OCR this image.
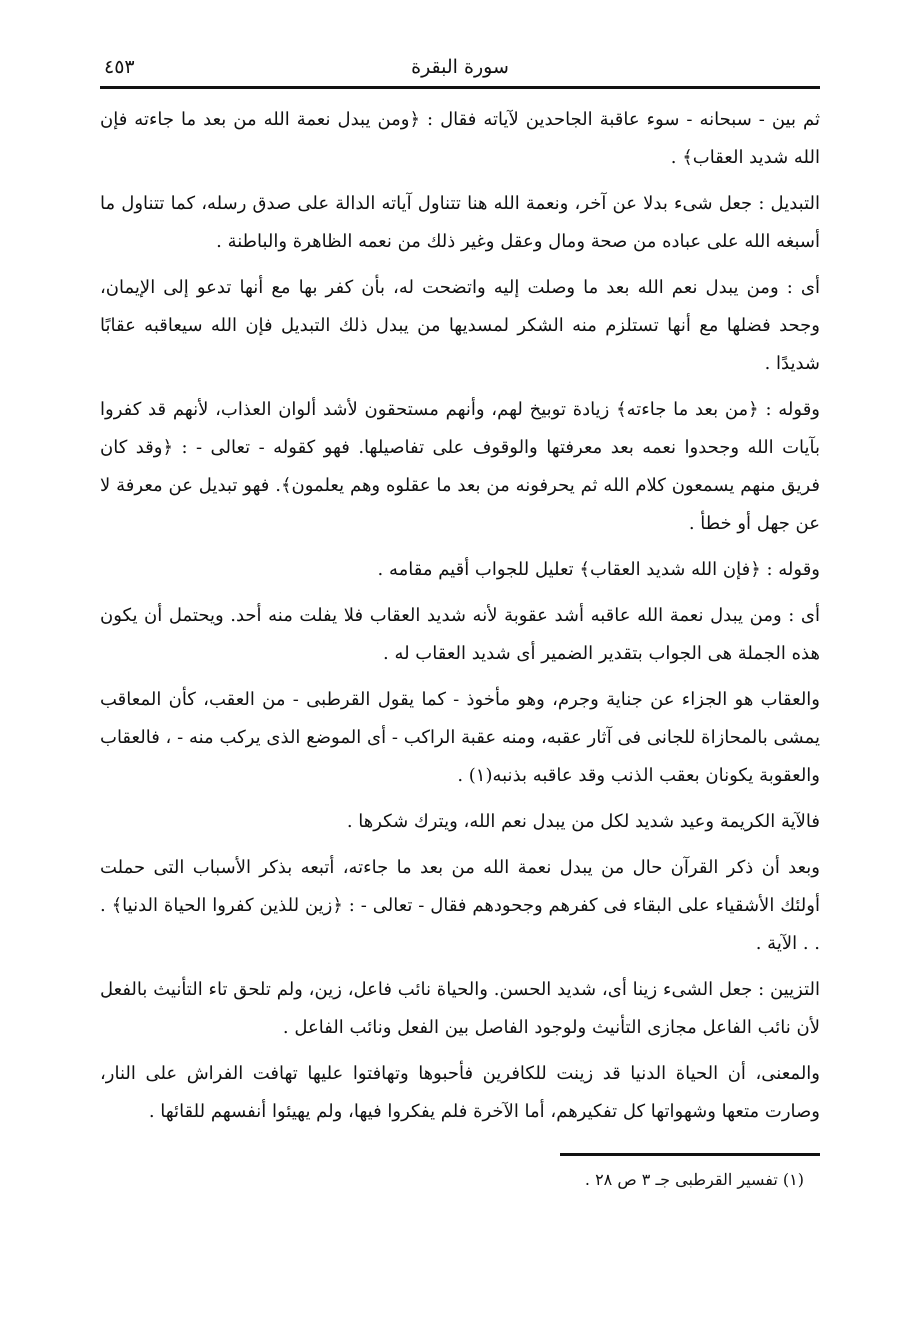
سورة البقرة
٤٥٣

ثم بين - سبحانه - سوء عاقبة الجاحدين لآياته فقال : ﴿ومن يبدل نعمة الله من بعد ما جاءته فإن الله شديد العقاب﴾ .

التبديل : جعل شىء بدلا عن آخر، ونعمة الله هنا تتناول آياته الدالة على صدق رسله، كما تتناول ما أسبغه الله على عباده من صحة ومال وعقل وغير ذلك من نعمه الظاهرة والباطنة .

أى : ومن يبدل نعم الله بعد ما وصلت إليه واتضحت له، بأن كفر بها مع أنها تدعو إلى الإيمان، وجحد فضلها مع أنها تستلزم منه الشكر لمسديها من يبدل ذلك التبديل فإن الله سيعاقبه عقابًا شديدًا .

وقوله : ﴿من بعد ما جاءته﴾ زيادة توبيخ لهم، وأنهم مستحقون لأشد ألوان العذاب، لأنهم قد كفروا بآيات الله وجحدوا نعمه بعد معرفتها والوقوف على تفاصيلها. فهو كقوله - تعالى - : ﴿وقد كان فريق منهم يسمعون كلام الله ثم يحرفونه من بعد ما عقلوه وهم يعلمون﴾. فهو تبديل عن معرفة لا عن جهل أو خطأ .

وقوله : ﴿فإن الله شديد العقاب﴾ تعليل للجواب أقيم مقامه .

أى : ومن يبدل نعمة الله عاقبه أشد عقوبة لأنه شديد العقاب فلا يفلت منه أحد. ويحتمل أن يكون هذه الجملة هى الجواب بتقدير الضمير أى شديد العقاب له .

والعقاب هو الجزاء عن جناية وجرم، وهو مأخوذ - كما يقول القرطبى - من العقب، كأن المعاقب يمشى بالمحازاة للجانى فى آثار عقبه، ومنه عقبة الراكب - أى الموضع الذى يركب منه - ، فالعقاب والعقوبة يكونان بعقب الذنب وقد عاقبه بذنبه(١) .

فالآية الكريمة وعيد شديد لكل من يبدل نعم الله، ويترك شكرها .

وبعد أن ذكر القرآن حال من يبدل نعمة الله من بعد ما جاءته، أتبعه بذكر الأسباب التى حملت أولئك الأشقياء على البقاء فى كفرهم وجحودهم فقال - تعالى - : ﴿زين للذين كفروا الحياة الدنيا﴾ . . . الآية .

التزيين : جعل الشىء زينا أى، شديد الحسن. والحياة نائب فاعل، زين، ولم تلحق تاء التأنيث بالفعل لأن نائب الفاعل مجازى التأنيث ولوجود الفاصل بين الفعل ونائب الفاعل .

والمعنى، أن الحياة الدنيا قد زينت للكافرين فأحبوها وتهافتوا عليها تهافت الفراش على النار، وصارت متعها وشهواتها كل تفكيرهم، أما الآخرة فلم يفكروا فيها، ولم يهيئوا أنفسهم للقائها .

(١) تفسير القرطبى جـ ٣ ص ٢٨ .
